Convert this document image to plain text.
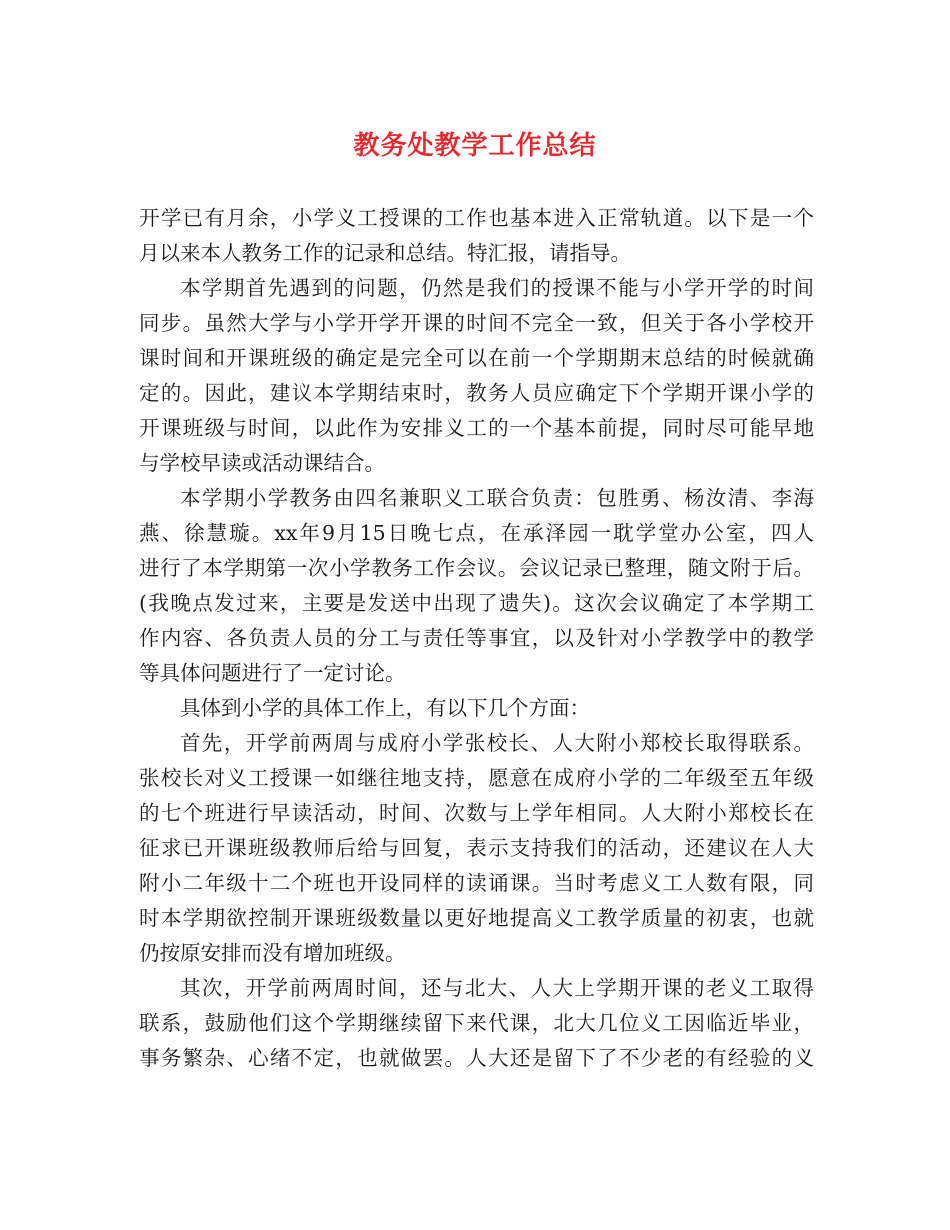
教务处教学工作总结
开学已有月余，小学义工授课的工作也基本进入正常轨道。以下是一个
月以来本人教务工作的记录和总结。特汇报，请指导。
本学期首先遇到的问题，仍然是我们的授课不能与小学开学的时间
同步。虽然大学与小学开学开课的时间不完全一致，但关于各小学校开
课时间和开课班级的确定是完全可以在前一个学期期末总结的时候就确
定的。因此，建议本学期结束时，教务人员应确定下个学期开课小学的
开课班级与时间，以此作为安排义工的一个基本前提，同时尽可能早地
与学校早读或活动课结合。
本学期小学教务由四名兼职义工联合负责：包胜勇、杨汝清、李海
燕、徐慧璇。xx年9月15日晚七点，在承泽园一耽学堂办公室，四人
进行了本学期第一次小学教务工作会议。会议记录已整理，随文附于后。
(我晚点发过来，主要是发送中出现了遗失)。这次会议确定了本学期工
作内容、各负责人员的分工与责任等事宜，以及针对小学教学中的教学
等具体问题进行了一定讨论。
具体到小学的具体工作上，有以下几个方面：
首先，开学前两周与成府小学张校长、人大附小郑校长取得联系。
张校长对义工授课一如继往地支持，愿意在成府小学的二年级至五年级
的七个班进行早读活动，时间、次数与上学年相同。人大附小郑校长在
征求已开课班级教师后给与回复，表示支持我们的活动，还建议在人大
附小二年级十二个班也开设同样的读诵课。当时考虑义工人数有限，同
时本学期欲控制开课班级数量以更好地提高义工教学质量的初衷，也就
仍按原安排而没有增加班级。
其次，开学前两周时间，还与北大、人大上学期开课的老义工取得
联系，鼓励他们这个学期继续留下来代课，北大几位义工因临近毕业，
事务繁杂、心绪不定，也就做罢。人大还是留下了不少老的有经验的义
